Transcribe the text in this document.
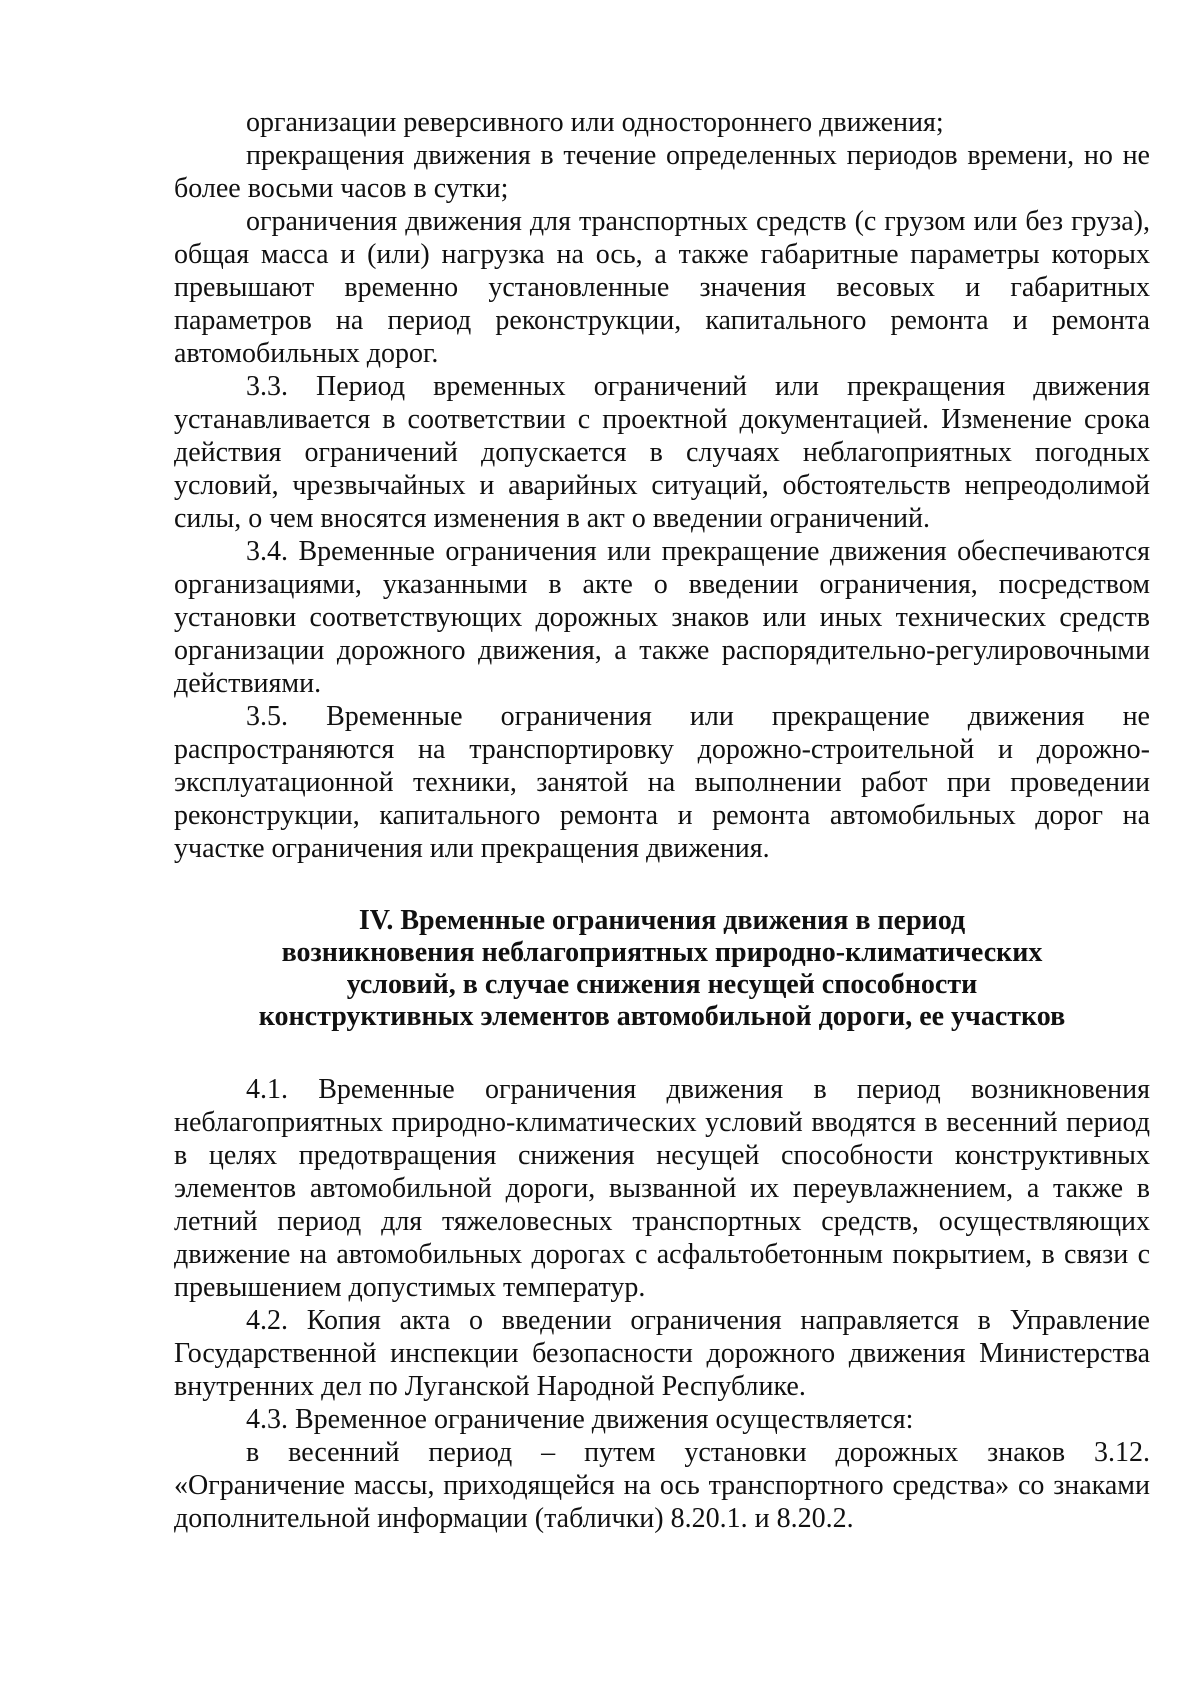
организации реверсивного или одностороннего движения;

прекращения движения в течение определенных периодов времени, но не более восьми часов в сутки;

ограничения движения для транспортных средств (с грузом или без груза), общая масса и (или) нагрузка на ось, а также габаритные параметры которых превышают временно установленные значения весовых и габаритных параметров на период реконструкции, капитального ремонта и ремонта автомобильных дорог.

3.3. Период временных ограничений или прекращения движения устанавливается в соответствии с проектной документацией. Изменение срока действия ограничений допускается в случаях неблагоприятных погодных условий, чрезвычайных и аварийных ситуаций, обстоятельств непреодолимой силы, о чем вносятся изменения в акт о введении ограничений.

3.4. Временные ограничения или прекращение движения обеспечиваются организациями, указанными в акте о введении ограничения, посредством установки соответствующих дорожных знаков или иных технических средств организации дорожного движения, а также распорядительно-регулировочными действиями.

3.5. Временные ограничения или прекращение движения не распространяются на транспортировку дорожно-строительной и дорожно-эксплуатационной техники, занятой на выполнении работ при проведении реконструкции, капитального ремонта и ремонта автомобильных дорог на участке ограничения или прекращения движения.

IV. Временные ограничения движения в период
возникновения неблагоприятных природно-климатических
условий, в случае снижения несущей способности
конструктивных элементов автомобильной дороги, ее участков

4.1. Временные ограничения движения в период возникновения неблагоприятных природно-климатических условий вводятся в весенний период в целях предотвращения снижения несущей способности конструктивных элементов автомобильной дороги, вызванной их переувлажнением, а также в летний период для тяжеловесных транспортных средств, осуществляющих движение на автомобильных дорогах с асфальтобетонным покрытием, в связи с превышением допустимых температур.

4.2. Копия акта о введении ограничения направляется в Управление Государственной инспекции безопасности дорожного движения Министерства внутренних дел по Луганской Народной Республике.

4.3. Временное ограничение движения осуществляется:

в весенний период – путем установки дорожных знаков 3.12. «Ограничение массы, приходящейся на ось транспортного средства» со знаками дополнительной информации (таблички) 8.20.1. и 8.20.2.
